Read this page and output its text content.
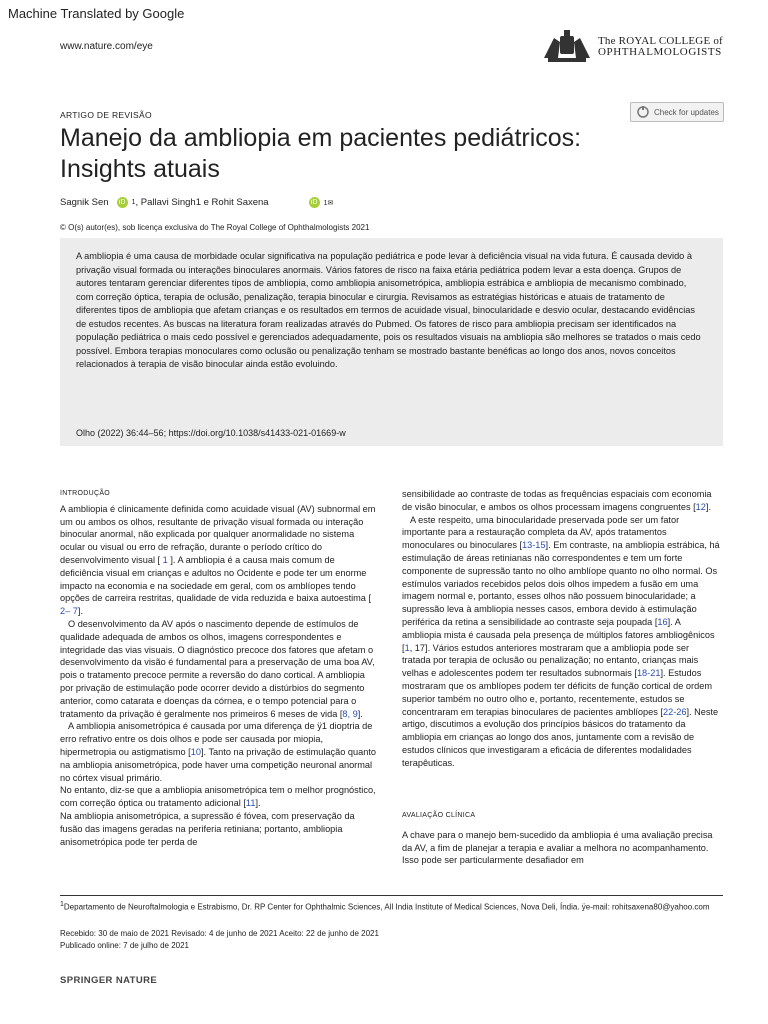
Machine Translated by Google
www.nature.com/eye	The ROYAL COLLEGE of
OPHTHALMOLOGISTS
ARTIGO DE REVISÃO	Check for updates
Manejo da ambliopia em pacientes pediátricos:
Insights atuais
Sagnik Sen	iD 1 , Pallavi Singh1 e Rohit Saxena	iD 1✉
© O(s) autor(es), sob licença exclusiva do The Royal College of Ophthalmologists 2021
A ambliopia é uma causa de morbidade ocular significativa na população pediátrica e pode levar à deficiência visual na vida futura. É causada devido à privação visual formada ou interações binoculares anormais. Vários fatores de risco na faixa etária pediátrica podem levar a esta doença. Grupos de autores tentaram gerenciar diferentes tipos de ambliopia, como ambliopia anisometrópica, ambliopia estrábica e ambliopia de mecanismo combinado, com correção óptica, terapia de oclusão, penalização, terapia binocular e cirurgia. Revisamos as estratégias históricas e atuais de tratamento de diferentes tipos de ambliopia que afetam crianças e os resultados em termos de acuidade visual, binocularidade e desvio ocular, destacando evidências de estudos recentes. As buscas na literatura foram realizadas através do Pubmed. Os fatores de risco para ambliopia precisam ser identificados na população pediátrica o mais cedo possível e gerenciados adequadamente, pois os resultados visuais na ambliopia são melhores se tratados o mais cedo possível. Embora terapias monoculares como oclusão ou penalização tenham se mostrado bastante benéficas ao longo dos anos, novos conceitos relacionados à terapia de visão binocular ainda estão evoluindo.
Olho (2022) 36:44–56; https://doi.org/10.1038/s41433-021-01669-w
INTRODUÇÃO

A ambliopia é clinicamente definida como acuidade visual (AV) subnormal em um ou ambos os olhos, resultante de privação visual formada ou interação binocular anormal, não explicada por qualquer anormalidade no sistema ocular ou visual ou erro de refração, durante o período crítico do desenvolvimento visual [ 1 ]. A ambliopia é a causa mais comum de deficiência visual em crianças e adultos no Ocidente e pode ter um enorme impacto na economia e na sociedade em geral, com os amblíopes tendo opções de carreira restritas, qualidade de vida reduzida e baixa autoestima [ 2– 7].

O desenvolvimento da AV após o nascimento depende de estímulos de qualidade adequada de ambos os olhos, imagens correspondentes e integridade das vias visuais. O diagnóstico precoce dos fatores que afetam o desenvolvimento da visão é fundamental para a preservação de uma boa AV, pois o tratamento precoce permite a reversão do dano cortical. A ambliopia por privação de estimulação pode ocorrer devido a distúrbios do segmento anterior, como catarata e doenças da córnea, e o tempo potencial para o tratamento da privação é geralmente nos primeiros 6 meses de vida [8, 9].

A ambliopia anisometrópica é causada por uma diferença de ÿ1 dioptria de erro refrativo entre os dois olhos e pode ser causada por miopia, hipermetropia ou astigmatismo [10]. Tanto na privação de estimulação quanto na ambliopia anisometrópica, pode haver uma competição neuronal anormal no córtex visual primário.

No entanto, diz-se que a ambliopia anisometrópica tem o melhor prognóstico, com correção óptica ou tratamento adicional [11].

Na ambliopia anisometrópica, a supressão é fóvea, com preservação da fusão das imagens geradas na periferia retiniana; portanto, ambliopia anisometrópica pode ter perda de

sensibilidade ao contraste de todas as frequências espaciais com economia de visão binocular, e ambos os olhos processam imagens congruentes [12].

A este respeito, uma binocularidade preservada pode ser um fator importante para a restauração completa da AV, após tratamentos monoculares ou binoculares [13-15]. Em contraste, na ambliopia estrábica, há estimulação de áreas retinianas não correspondentes e tem um forte componente de supressão tanto no olho amblíope quanto no olho normal. Os estímulos variados recebidos pelos dois olhos impedem a fusão em uma imagem normal e, portanto, esses olhos não possuem binocularidade; a supressão leva à ambliopia nesses casos, embora devido à estimulação periférica da retina a sensibilidade ao contraste seja poupada [16]. A ambliopia mista é causada pela presença de múltiplos fatores ambliogênicos [1, 17]. Vários estudos anteriores mostraram que a ambliopia pode ser tratada por terapia de oclusão ou penalização; no entanto, crianças mais velhas e adolescentes podem ter resultados subnormais [18-21]. Estudos mostraram que os amblíopes podem ter déficits de função cortical de ordem superior também no outro olho e, portanto, recentemente, estudos se concentraram em terapias binoculares de pacientes amblíopes [22-26]. Neste artigo, discutimos a evolução dos princípios básicos do tratamento da ambliopia em crianças ao longo dos anos, juntamente com a revisão de estudos clínicos que investigaram a eficácia de diferentes modalidades terapêuticas.

AVALIAÇÃO CLÍNICA

A chave para o manejo bem-sucedido da ambliopia é uma avaliação precisa da AV, a fim de planejar a terapia e avaliar a melhora no acompanhamento. Isso pode ser particularmente desafiador em

1Departamento de Neuroftalmologia e Estrabismo, Dr. RP Center for Ophthalmic Sciences, All India Institute of Medical Sciences, Nova Deli, Índia. ÿe-mail: rohitsaxena80@yahoo.com
Recebido: 30 de maio de 2021 Revisado: 4 de junho de 2021 Aceito: 22 de junho de 2021
Publicado online: 7 de julho de 2021
SPRINGER NATURE
